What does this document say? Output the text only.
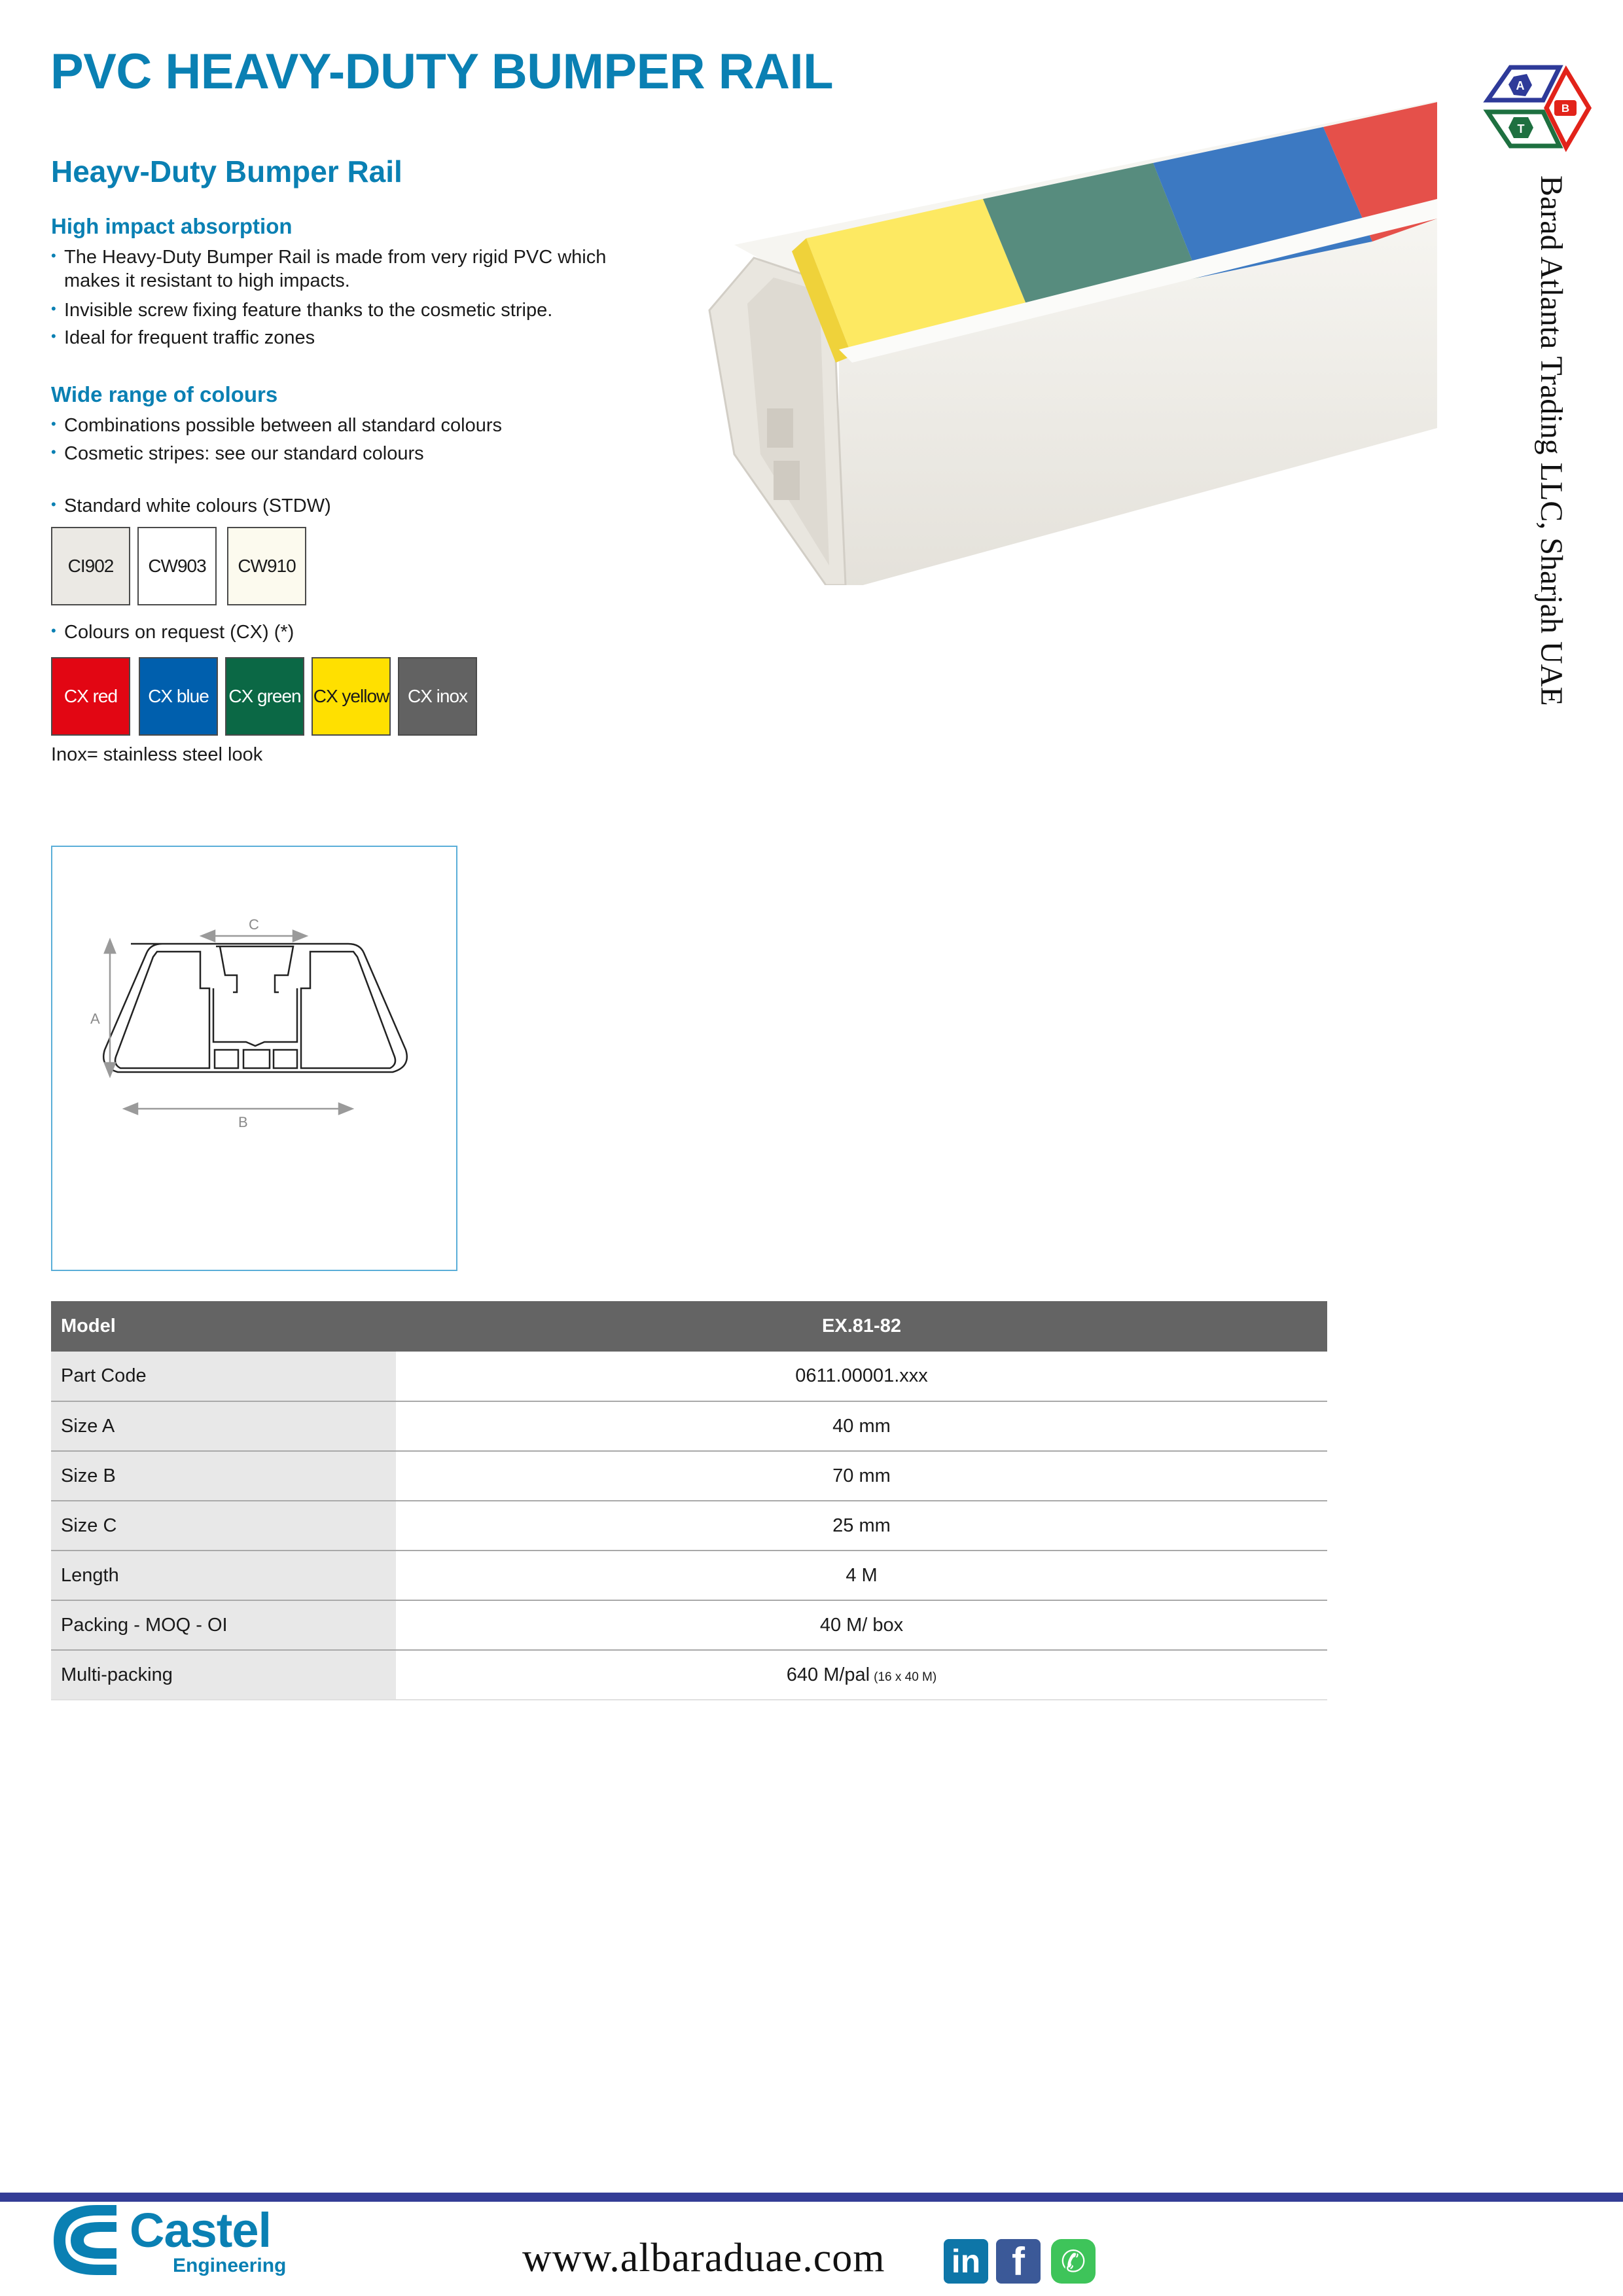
PVC HEAVY-DUTY BUMPER RAIL
Heayv-Duty Bumper Rail
High impact absorption
• The Heavy-Duty Bumper Rail is made from very rigid PVC which
makes it resistant to high impacts.
• Invisible screw fixing feature thanks to the cosmetic stripe.
• Ideal for frequent traffic zones
Wide range of colours
• Combinations possible between all standard colours
• Cosmetic stripes: see our standard colours
• Standard white colours (STDW)
CI902 CW903 CW910
• Colours on request (CX) (*)
CX red CX blue CX green CX yellow CX inox
Inox= stainless steel look
A
B
C
Model	EX.81-82
Part Code	0611.00001.xxx
Size A	40 mm
Size B	70 mm
Size C	25 mm
Length	4 M
Packing - MOQ - OI	40 M/ box
Multi-packing	640 M/pal (16 x 40 M)
A
B
T
Barad Atlanta Trading LLC, Sharjah UAE
Castel
Engineering	www.albaraduae.com in f	✆
